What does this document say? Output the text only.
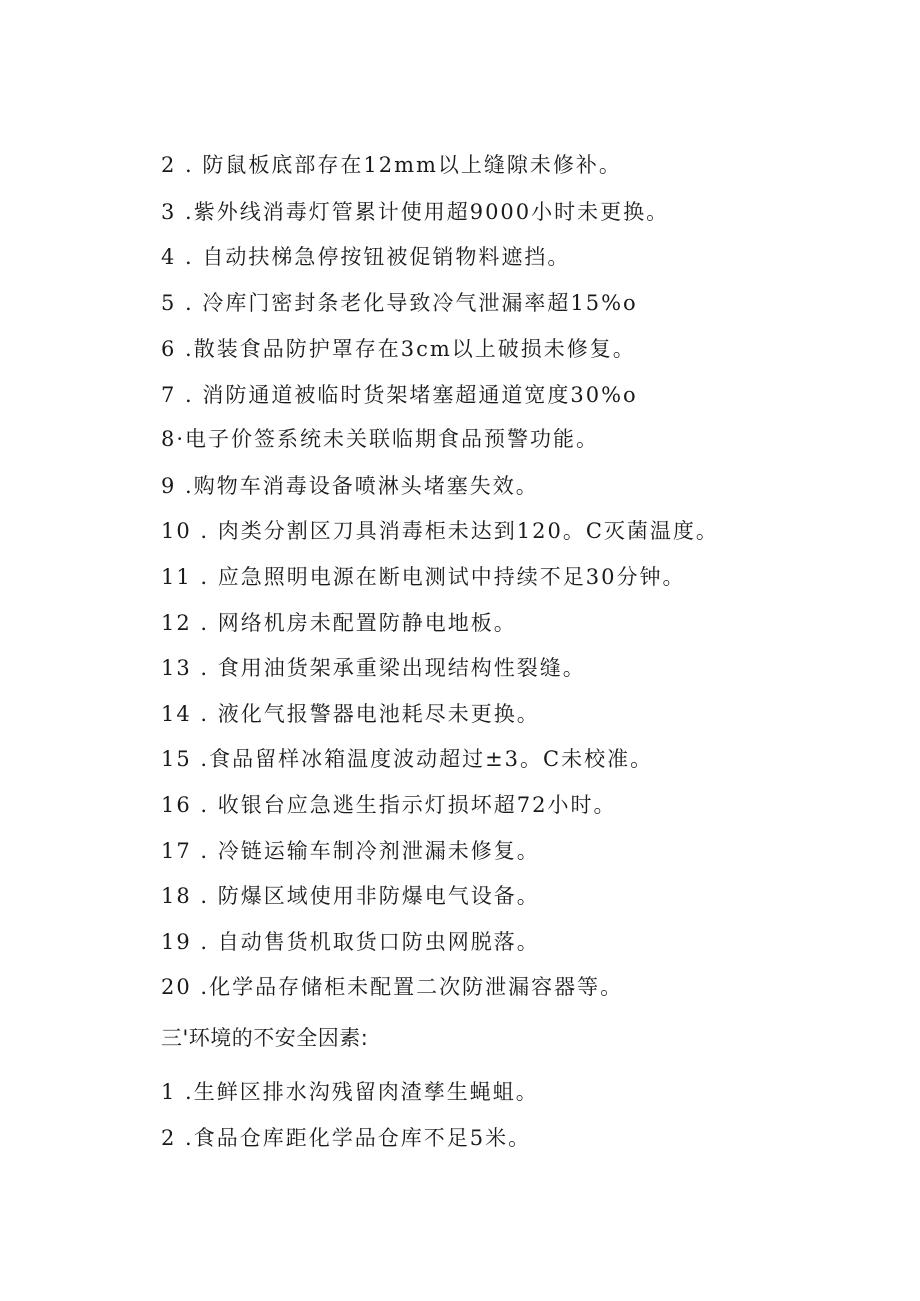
2 . 防鼠板底部存在12mm以上缝隙未修补。
3 .紫外线消毒灯管累计使用超9000小时未更换。
4 . 自动扶梯急停按钮被促销物料遮挡。
5 . 冷库门密封条老化导致冷气泄漏率超15%o
6 .散装食品防护罩存在3cm以上破损未修复。
7 . 消防通道被临时货架堵塞超通道宽度30%o
8·电子价签系统未关联临期食品预警功能。
9 .购物车消毒设备喷淋头堵塞失效。
10 . 肉类分割区刀具消毒柜未达到120。C灭菌温度。
11 . 应急照明电源在断电测试中持续不足30分钟。
12 . 网络机房未配置防静电地板。
13 . 食用油货架承重梁出现结构性裂缝。
14 . 液化气报警器电池耗尽未更换。
15 .食品留样冰箱温度波动超过±3。C未校准。
16 . 收银台应急逃生指示灯损坏超72小时。
17 . 冷链运输车制冷剂泄漏未修复。
18 . 防爆区域使用非防爆电气设备。
19 . 自动售货机取货口防虫网脱落。
20 .化学品存储柜未配置二次防泄漏容器等。
三'环境的不安全因素:
1 .生鲜区排水沟残留肉渣孳生蝇蛆。
2 .食品仓库距化学品仓库不足5米。
